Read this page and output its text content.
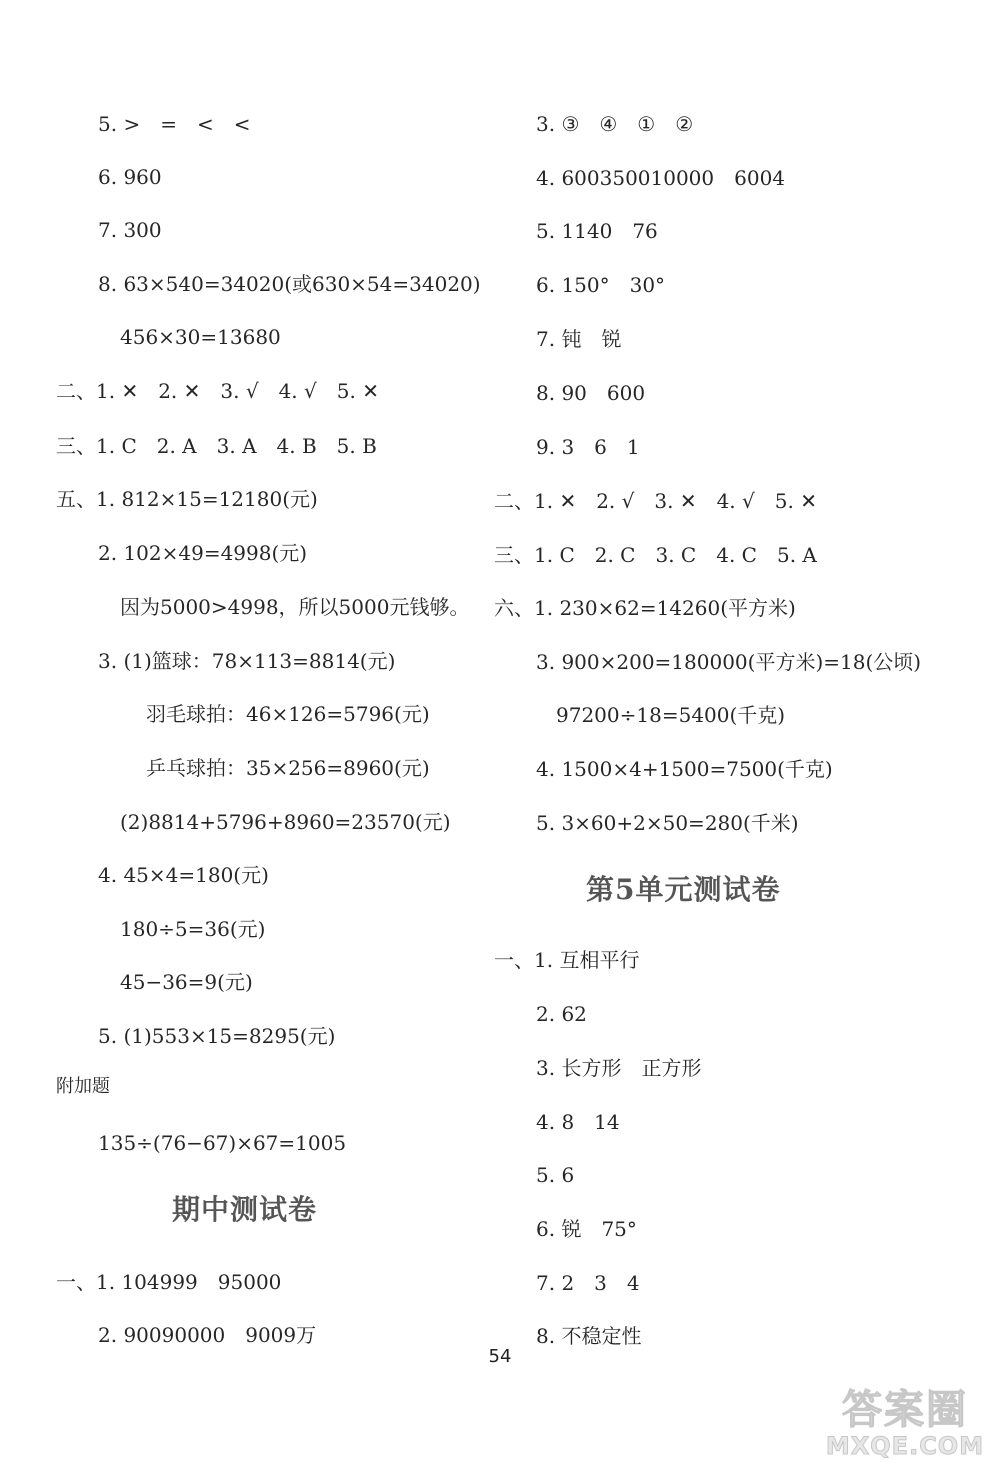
5. >　=　<　<
6. 960
7. 300
8. 63×540=34020(或630×54=34020)
456×30=13680
二、1. ✕　2. ✕　3. √　4. √　5. ✕
三、1. C　2. A　3. A　4. B　5. B
五、1. 812×15=12180(元)
2. 102×49=4998(元)
因为5000>4998，所以5000元钱够。
3. (1)篮球：78×113=8814(元)
羽毛球拍：46×126=5796(元)
乒乓球拍：35×256=8960(元)
(2)8814+5796+8960=23570(元)
4. 45×4=180(元)
180÷5=36(元)
45−36=9(元)
5. (1)553×15=8295(元)
附加题
135÷(76−67)×67=1005
期中测试卷
一、1. 104999　95000
2. 90090000　9009万
3. ③　④　①　②
4. 600350010000　6004
5. 1140　76
6. 150°　30°
7. 钝　锐
8. 90　600
9. 3　6　1
二、1. ✕　2. √　3. ✕　4. √　5. ✕
三、1. C　2. C　3. C　4. C　5. A
六、1. 230×62=14260(平方米)
3. 900×200=180000(平方米)=18(公顷)
97200÷18=5400(千克)
4. 1500×4+1500=7500(千克)
5. 3×60+2×50=280(千米)
第5单元测试卷
一、1. 互相平行
2. 62
3. 长方形　正方形
4. 8　14
5. 6
6. 锐　75°
7. 2　3　4
8. 不稳定性
54
答案圈
MXQE.COM
